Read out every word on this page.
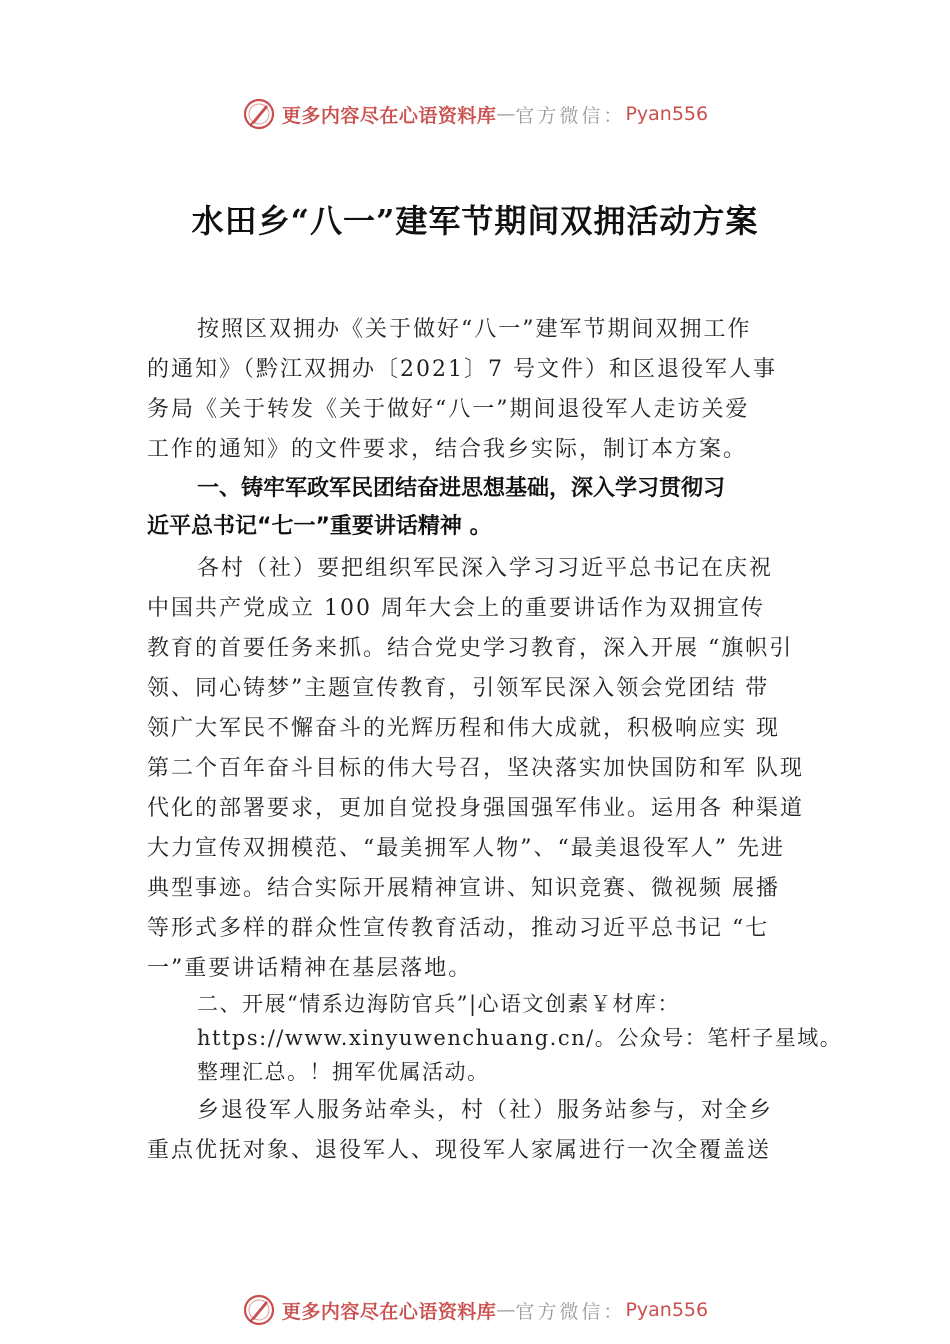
更多内容尽在心语资料库 — 官方微信： Pyan556
水田乡“八一”建军节期间双拥活动方案

按照区双拥办《关于做好“八一”建军节期间双拥工作
的通知》（黔江双拥办〔2021〕7 号文件）和区退役军人事
务局《关于转发《关于做好“八一”期间退役军人走访关爱
工作的通知》的文件要求，结合我乡实际，制订本方案。

一、铸牢军政军民团结奋进思想基础，深入学习贯彻习
近平总书记“七一”重要讲话精神 。

各村（社）要把组织军民深入学习习近平总书记在庆祝
中国共产党成立 100 周年大会上的重要讲话作为双拥宣传
教育的首要任务来抓。结合党史学习教育，深入开展 “旗帜引
领、同心铸梦”主题宣传教育，引领军民深入领会党团结 带
领广大军民不懈奋斗的光辉历程和伟大成就，积极响应实 现
第二个百年奋斗目标的伟大号召，坚决落实加快国防和军 队现
代化的部署要求，更加自觉投身强国强军伟业。运用各 种渠道
大力宣传双拥模范、“最美拥军人物”、“最美退役军人” 先进
典型事迹。结合实际开展精神宣讲、知识竞赛、微视频 展播
等形式多样的群众性宣传教育活动，推动习近平总书记 “七
一”重要讲话精神在基层落地。

二、开展“情系边海防官兵”|心语文创素￥材库：
https://www.xinyuwenchuang.cn/。公众号：笔杆子星域。
整理汇总。！拥军优属活动。

乡退役军人服务站牵头，村（社）服务站参与，对全乡
重点优抚对象、退役军人、现役军人家属进行一次全覆盖送

更多内容尽在心语资料库 — 官方微信： Pyan556
